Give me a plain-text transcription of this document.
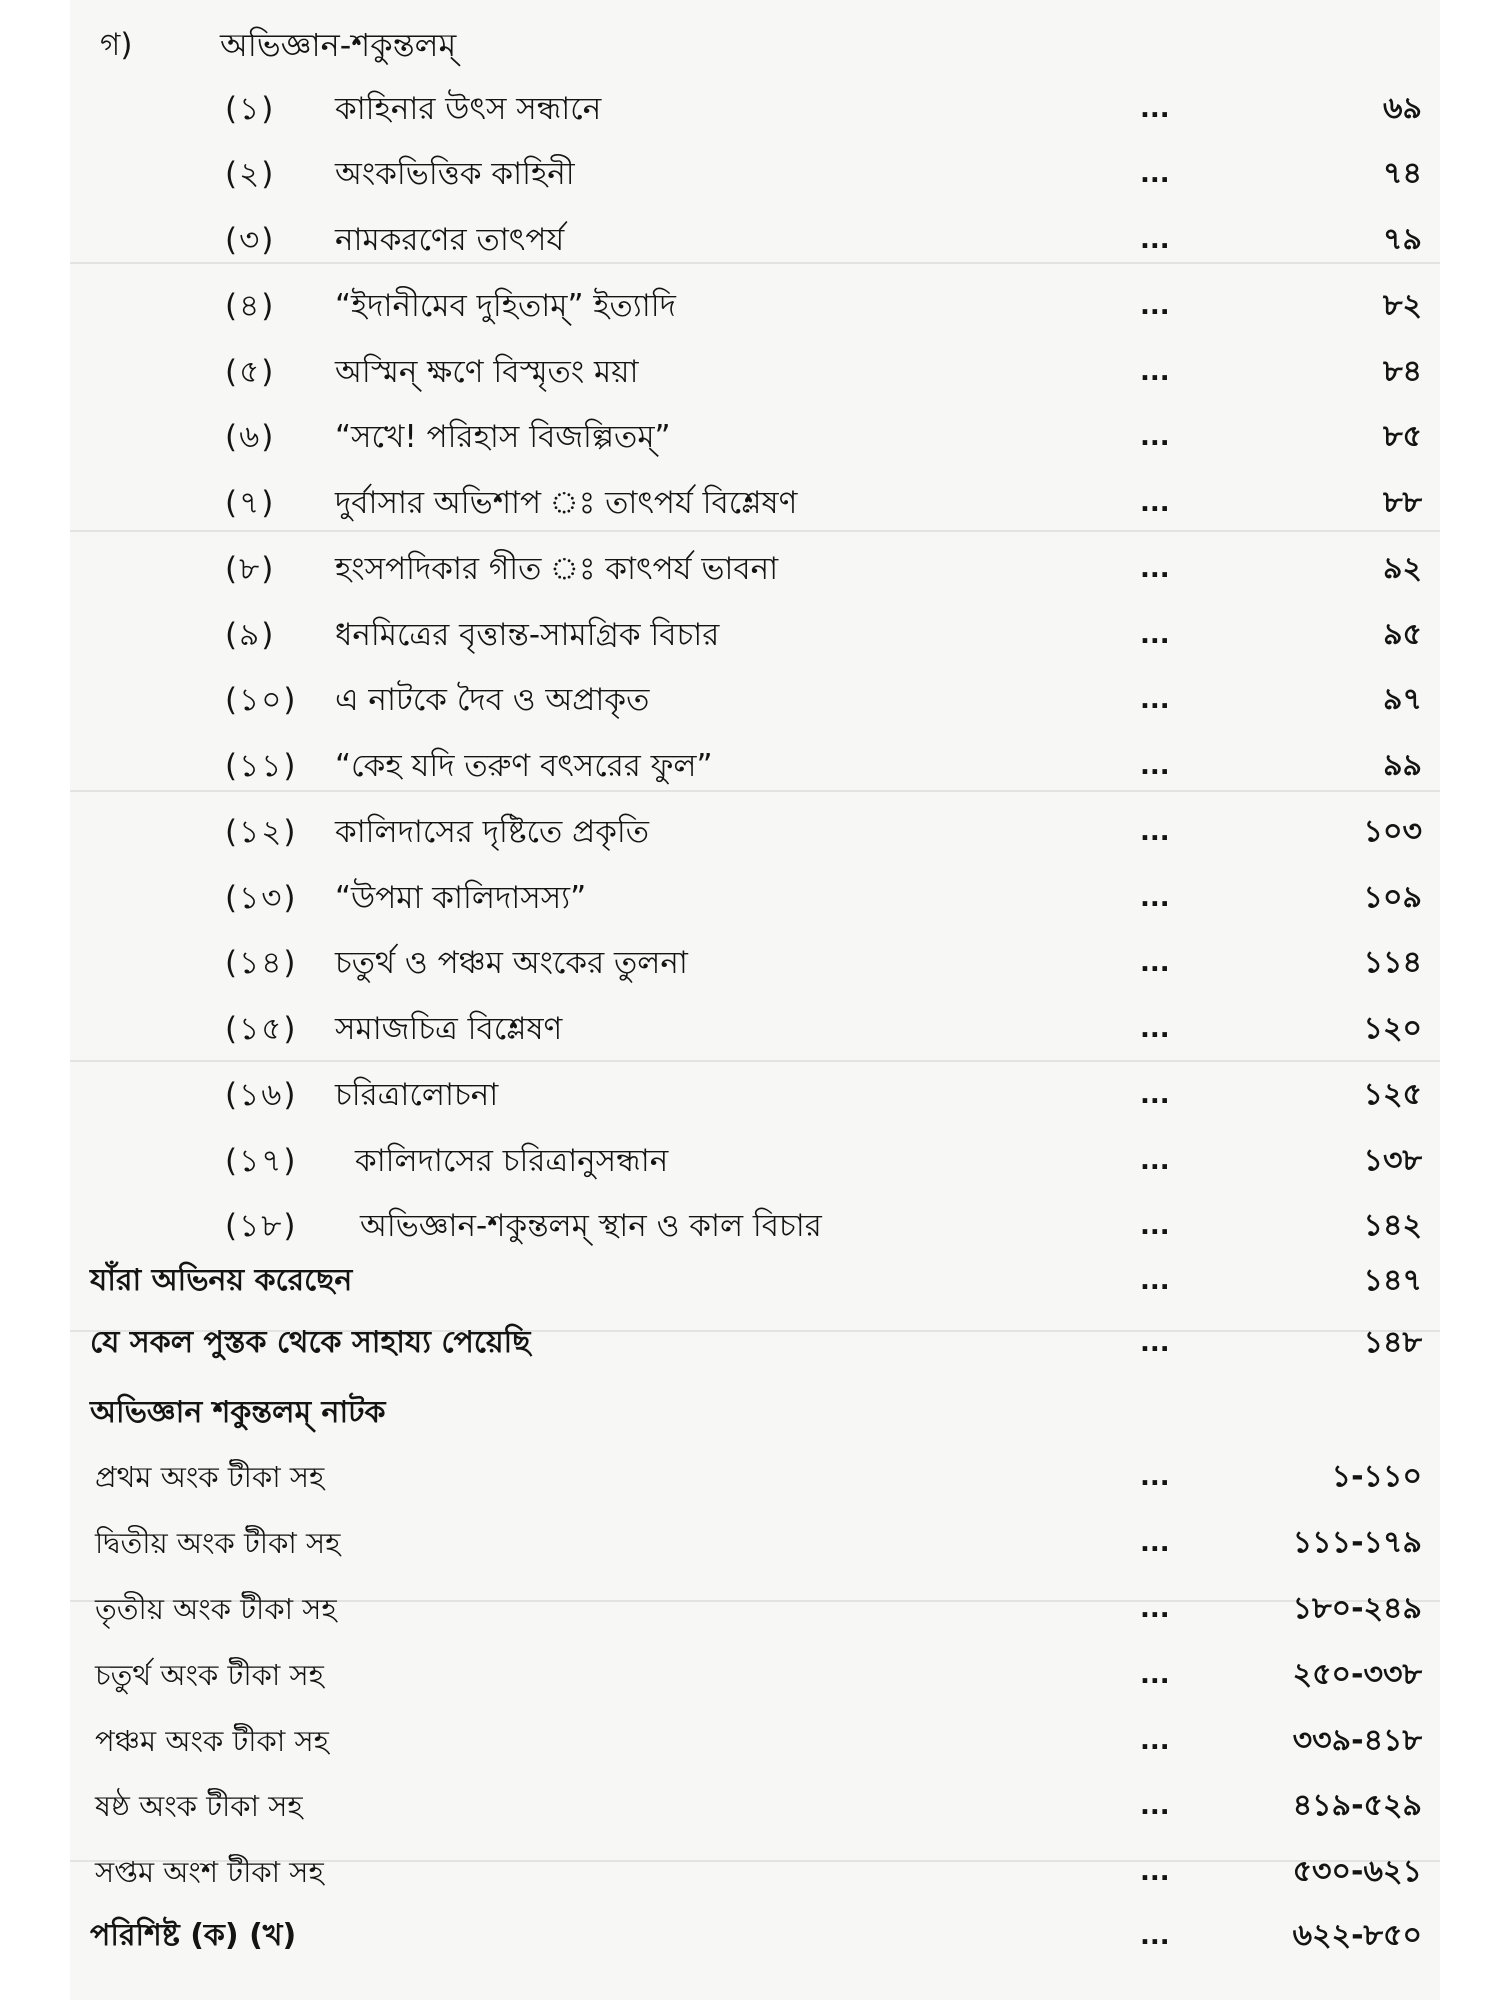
গ)	অভিজ্ঞান-শকুন্তলম্
(১) কাহিনার উৎস সন্ধানে	...	৬৯
(২) অংকভিত্তিক কাহিনী	...	৭৪
(৩) নামকরণের তাৎপর্য	...	৭৯
(৪) “ইদানীমেব দুহিতাম্” ইত্যাদি	...	৮২
(৫) অস্মিন্ ক্ষণে বিস্মৃতং ময়া	...	৮৪
(৬) “সখে! পরিহাস বিজল্পিতম্”	...	৮৫
(৭) দুর্বাসার অভিশাপ ঃ তাৎপর্য বিশ্লেষণ	...	৮৮
(৮) হংসপদিকার গীত ঃ কাৎপর্য ভাবনা	...	৯২
(৯) ধনমিত্রের বৃত্তান্ত-সামগ্রিক বিচার	...	৯৫
(১০) এ নাটকে দৈব ও অপ্রাকৃত	...	৯৭
(১১) “কেহ যদি তরুণ বৎসরের ফুল”	...	৯৯
(১২) কালিদাসের দৃষ্টিতে প্রকৃতি	...	১০৩
(১৩) “উপমা কালিদাসস্য”	...	১০৯
(১৪) চতুর্থ ও পঞ্চম অংকের তুলনা	...	১১৪
(১৫) সমাজচিত্র বিশ্লেষণ	...	১২০
(১৬) চরিত্রালোচনা	...	১২৫
(১৭) কালিদাসের চরিত্রানুসন্ধান	...	১৩৮
(১৮) অভিজ্ঞান-শকুন্তলম্ স্থান ও কাল বিচার	...	১৪২
যাঁরা অভিনয় করেছেন	...	১৪৭
যে সকল পুস্তক থেকে সাহায্য পেয়েছি	...	১৪৮
অভিজ্ঞান শকুন্তলম্ নাটক
প্রথম অংক টীকা সহ	...	১-১১০
দ্বিতীয় অংক টীকা সহ	...	১১১-১৭৯
তৃতীয় অংক টীকা সহ	...	১৮০-২৪৯
চতুর্থ অংক টীকা সহ	...	২৫০-৩৩৮
পঞ্চম অংক টীকা সহ	...	৩৩৯-৪১৮
ষষ্ঠ অংক টীকা সহ	...	৪১৯-৫২৯
সপ্তম অংশ টীকা সহ	...	৫৩০-৬২১
পরিশিষ্ট (ক) (খ)	...	৬২২-৮৫০
